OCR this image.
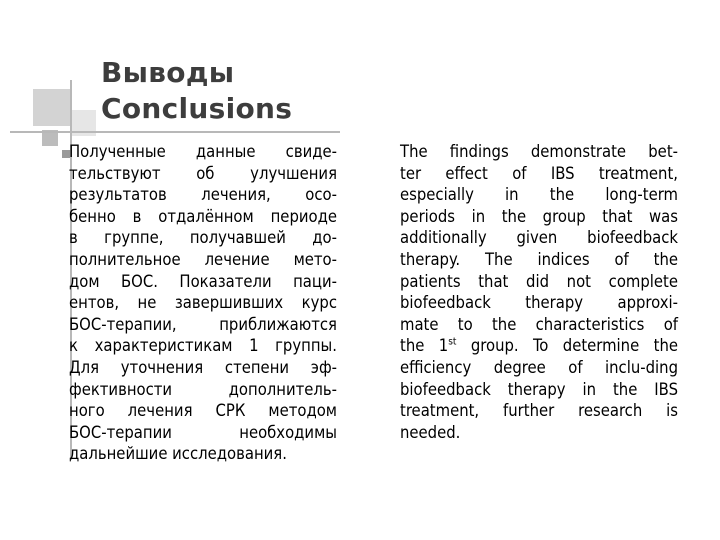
Выводы
Conclusions
Полученные данные свиде-
тельствуют об улучшения
результатов лечения, осо-
бенно в отдалённом периоде
в группе, получавшей до-
полнительное лечение мето-
дом БОС. Показатели паци-
ентов, не завершивших курс
БОС-терапии, приближаются
к характеристикам 1 группы.
Для уточнения степени эф-
фективности дополнитель-
ного лечения СРК методом
БОС-терапии необходимы
дальнейшие исследования.
The findings demonstrate bet-
ter effect of IBS treatment,
especially in the long-term
periods in the group that was
additionally given biofeedback
therapy. The indices of the
patients that did not complete
biofeedback therapy approxi-
mate to the characteristics of
the 1st group. To determine the
efficiency degree of inclu-ding
biofeedback therapy in the IBS
treatment, further research is
needed.
